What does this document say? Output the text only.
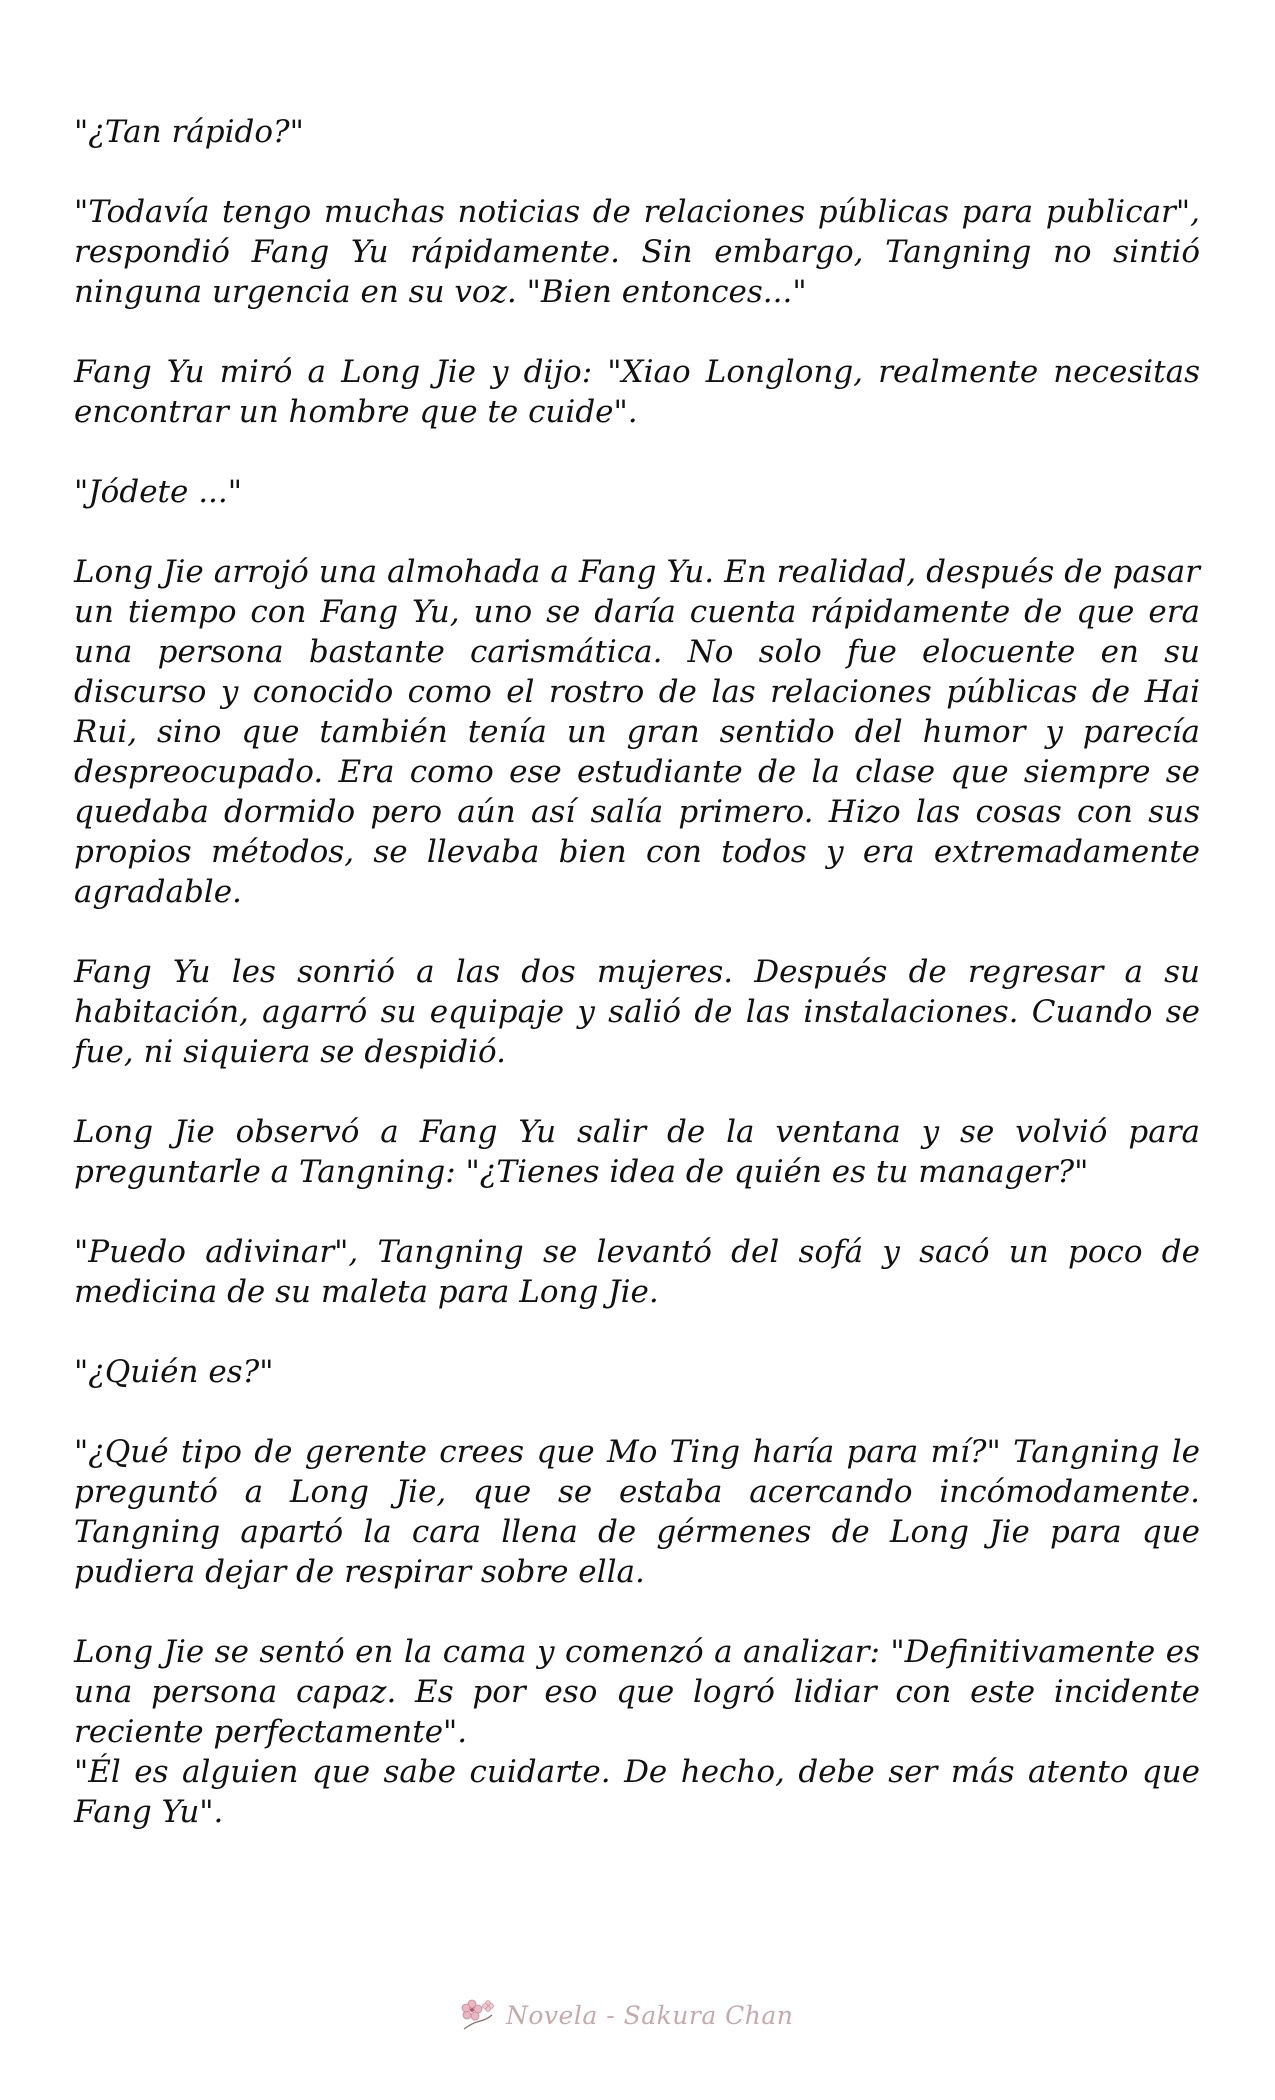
"¿Tan rápido?"

"Todavía tengo muchas noticias de relaciones públicas para publicar", respondió Fang Yu rápidamente. Sin embargo, Tangning no sintió ninguna urgencia en su voz. "Bien entonces..."

Fang Yu miró a Long Jie y dijo: "Xiao Longlong, realmente necesitas encontrar un hombre que te cuide".

"Jódete ..."

Long Jie arrojó una almohada a Fang Yu. En realidad, después de pasar un tiempo con Fang Yu, uno se daría cuenta rápidamente de que era una persona bastante carismática. No solo fue elocuente en su discurso y conocido como el rostro de las relaciones públicas de Hai Rui, sino que también tenía un gran sentido del humor y parecía despreocupado. Era como ese estudiante de la clase que siempre se quedaba dormido pero aún así salía primero. Hizo las cosas con sus propios métodos, se llevaba bien con todos y era extremadamente agradable.

Fang Yu les sonrió a las dos mujeres. Después de regresar a su habitación, agarró su equipaje y salió de las instalaciones. Cuando se fue, ni siquiera se despidió.

Long Jie observó a Fang Yu salir de la ventana y se volvió para preguntarle a Tangning: "¿Tienes idea de quién es tu manager?"

"Puedo adivinar", Tangning se levantó del sofá y sacó un poco de medicina de su maleta para Long Jie.

"¿Quién es?"

"¿Qué tipo de gerente crees que Mo Ting haría para mí?" Tangning le preguntó a Long Jie, que se estaba acercando incómodamente. Tangning apartó la cara llena de gérmenes de Long Jie para que pudiera dejar de respirar sobre ella.

Long Jie se sentó en la cama y comenzó a analizar: "Definitivamente es una persona capaz. Es por eso que logró lidiar con este incidente reciente perfectamente".

"Él es alguien que sabe cuidarte. De hecho, debe ser más atento que Fang Yu".

Novela - Sakura Chan
